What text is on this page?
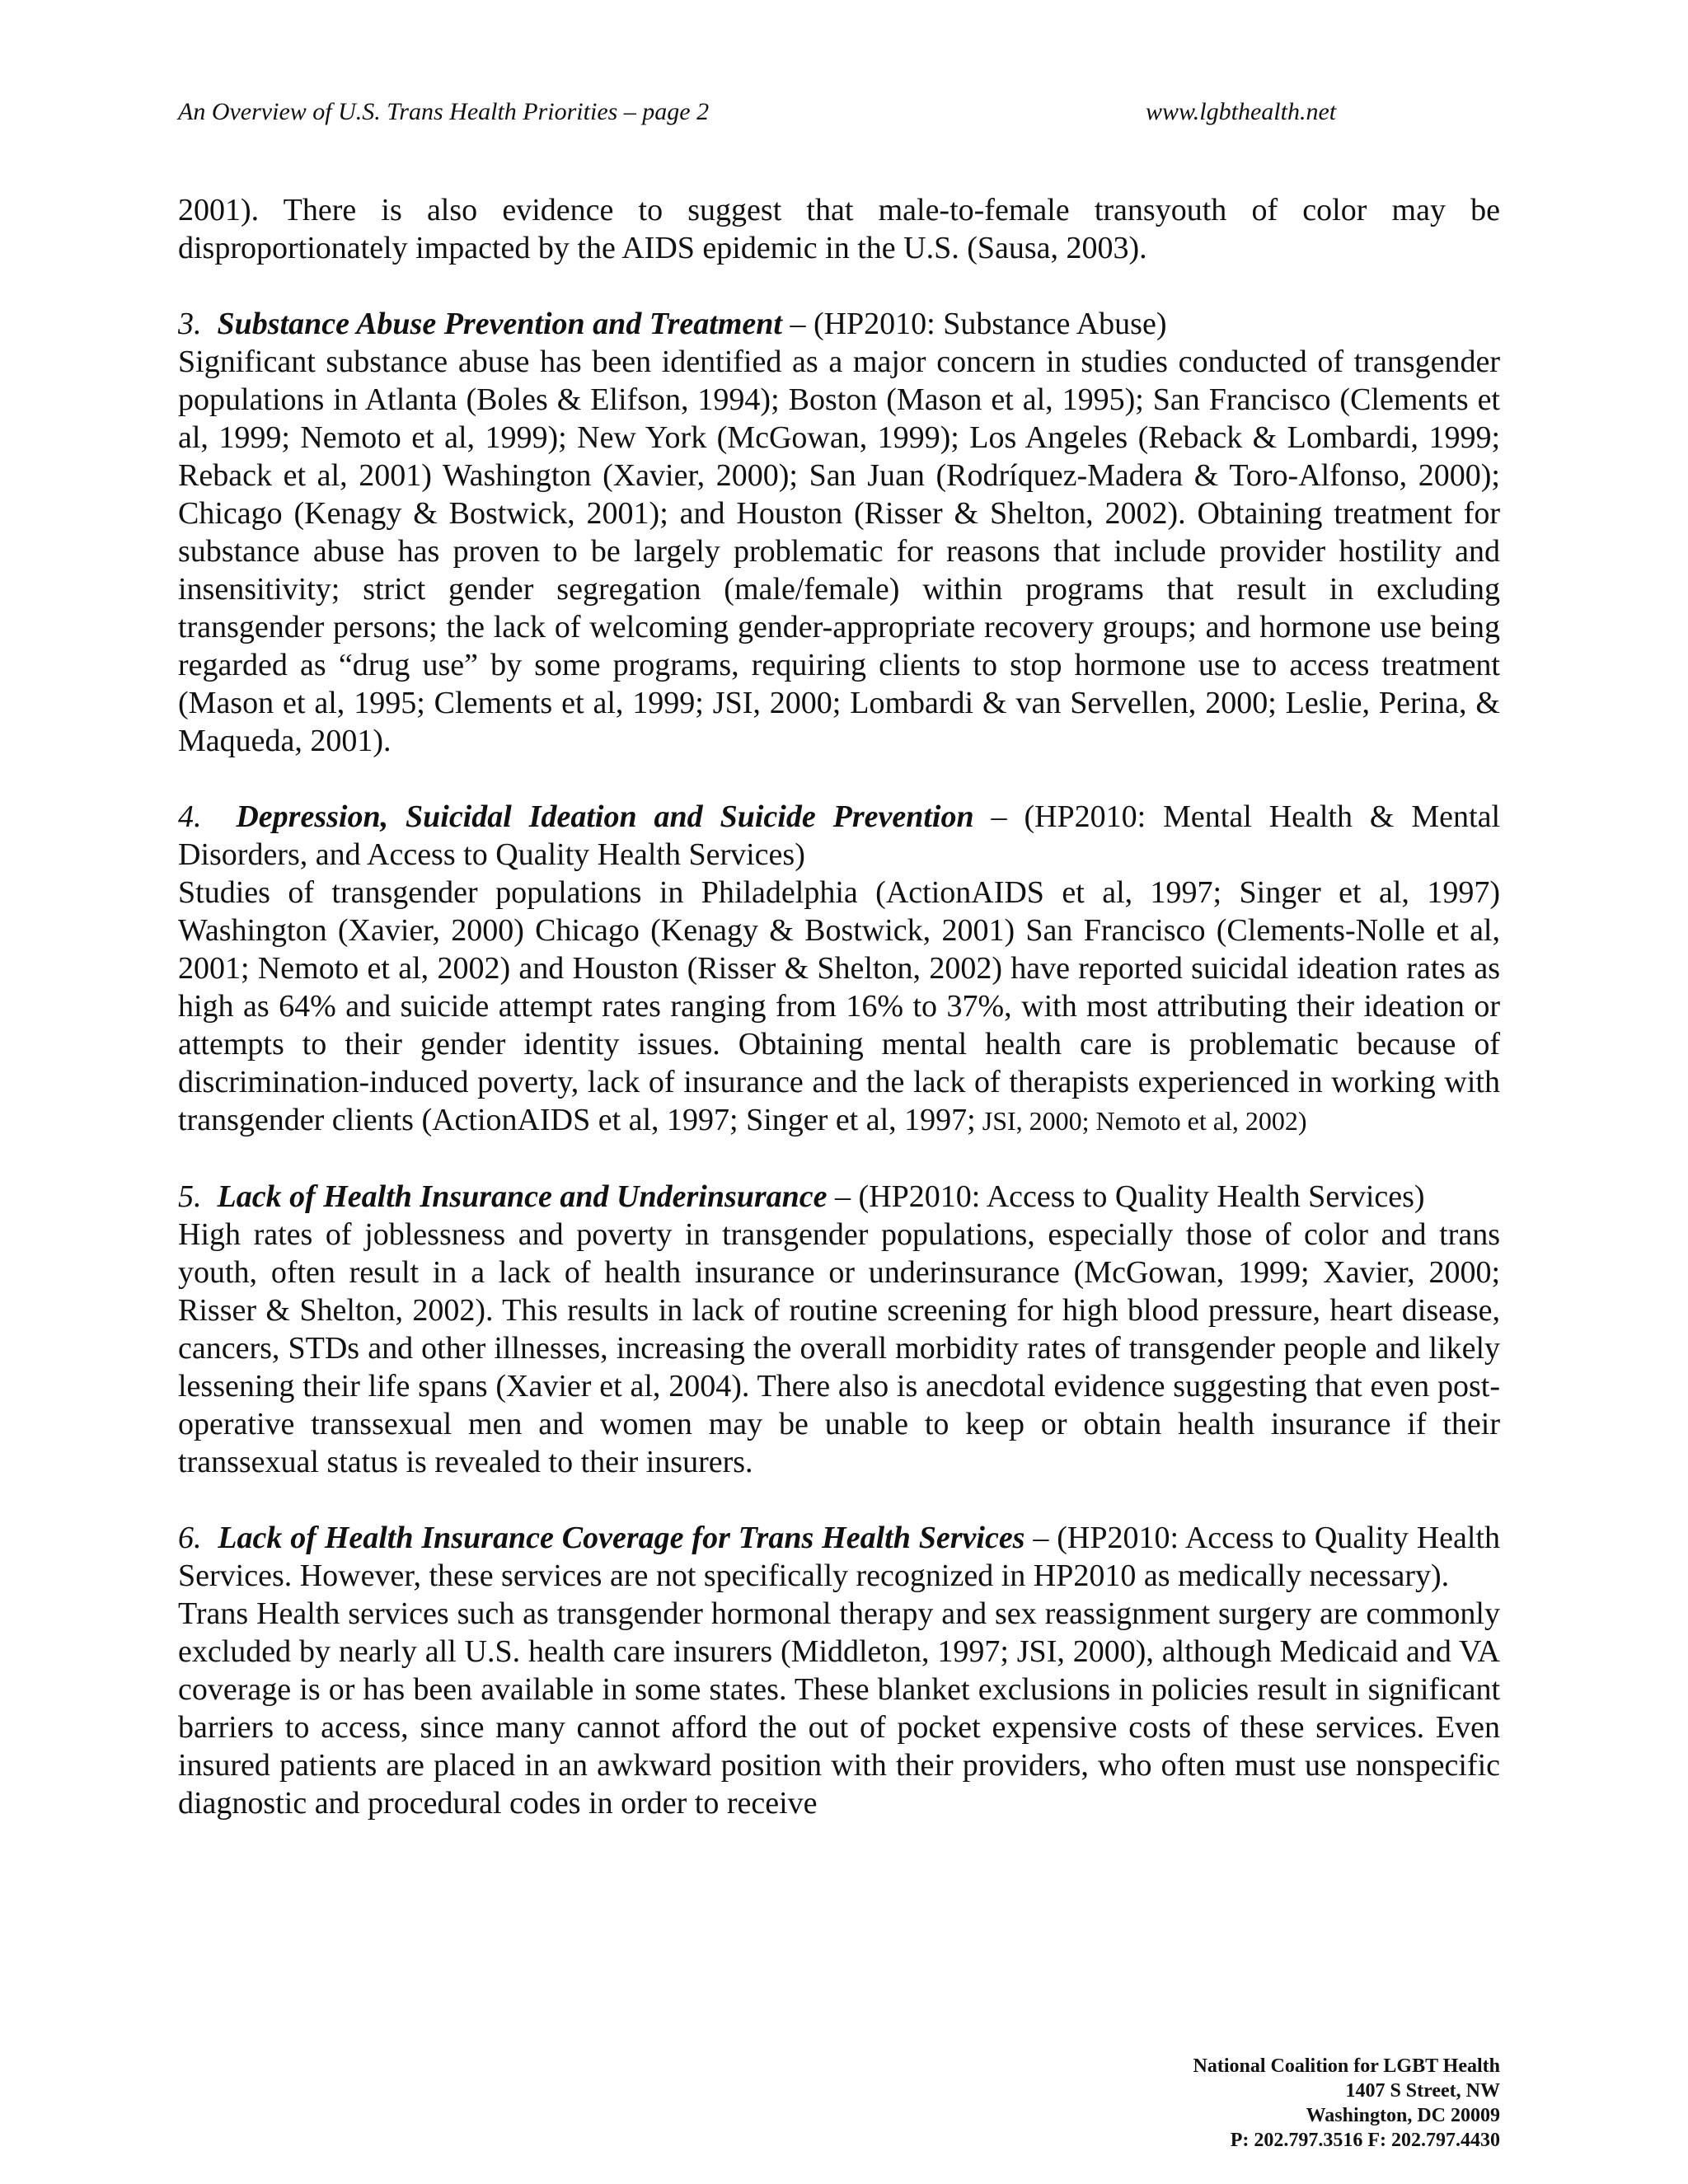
An Overview of U.S. Trans Health Priorities – page 2	www.lgbthealth.net

2001). There is also evidence to suggest that male-to-female transyouth of color may be disproportionately impacted by the AIDS epidemic in the U.S. (Sausa, 2003).

3. Substance Abuse Prevention and Treatment – (HP2010: Substance Abuse)

Significant substance abuse has been identified as a major concern in studies conducted of transgender populations in Atlanta (Boles & Elifson, 1994); Boston (Mason et al, 1995); San Francisco (Clements et al, 1999; Nemoto et al, 1999); New York (McGowan, 1999); Los Angeles (Reback & Lombardi, 1999; Reback et al, 2001) Washington (Xavier, 2000); San Juan (Rodríquez-Madera & Toro-Alfonso, 2000); Chicago (Kenagy & Bostwick, 2001); and Houston (Risser & Shelton, 2002). Obtaining treatment for substance abuse has proven to be largely problematic for reasons that include provider hostility and insensitivity; strict gender segregation (male/female) within programs that result in excluding transgender persons; the lack of welcoming gender-appropriate recovery groups; and hormone use being regarded as “drug use” by some programs, requiring clients to stop hormone use to access treatment (Mason et al, 1995; Clements et al, 1999; JSI, 2000; Lombardi & van Servellen, 2000; Leslie, Perina, & Maqueda, 2001).

4. Depression, Suicidal Ideation and Suicide Prevention – (HP2010: Mental Health & Mental Disorders, and Access to Quality Health Services)

Studies of transgender populations in Philadelphia (ActionAIDS et al, 1997; Singer et al, 1997) Washington (Xavier, 2000) Chicago (Kenagy & Bostwick, 2001) San Francisco (Clements-Nolle et al, 2001; Nemoto et al, 2002) and Houston (Risser & Shelton, 2002) have reported suicidal ideation rates as high as 64% and suicide attempt rates ranging from 16% to 37%, with most attributing their ideation or attempts to their gender identity issues. Obtaining mental health care is problematic because of discrimination-induced poverty, lack of insurance and the lack of therapists experienced in working with transgender clients (ActionAIDS et al, 1997; Singer et al, 1997; JSI, 2000; Nemoto et al, 2002)

5. Lack of Health Insurance and Underinsurance – (HP2010: Access to Quality Health Services)

High rates of joblessness and poverty in transgender populations, especially those of color and trans youth, often result in a lack of health insurance or underinsurance (McGowan, 1999; Xavier, 2000; Risser & Shelton, 2002). This results in lack of routine screening for high blood pressure, heart disease, cancers, STDs and other illnesses, increasing the overall morbidity rates of transgender people and likely lessening their life spans (Xavier et al, 2004). There also is anecdotal evidence suggesting that even post-operative transsexual men and women may be unable to keep or obtain health insurance if their transsexual status is revealed to their insurers.

6. Lack of Health Insurance Coverage for Trans Health Services – (HP2010: Access to Quality Health Services. However, these services are not specifically recognized in HP2010 as medically necessary).

Trans Health services such as transgender hormonal therapy and sex reassignment surgery are commonly excluded by nearly all U.S. health care insurers (Middleton, 1997; JSI, 2000), although Medicaid and VA coverage is or has been available in some states. These blanket exclusions in policies result in significant barriers to access, since many cannot afford the out of pocket expensive costs of these services. Even insured patients are placed in an awkward position with their providers, who often must use nonspecific diagnostic and procedural codes in order to receive

National Coalition for LGBT Health
1407 S Street, NW
Washington, DC 20009
P: 202.797.3516 F: 202.797.4430
